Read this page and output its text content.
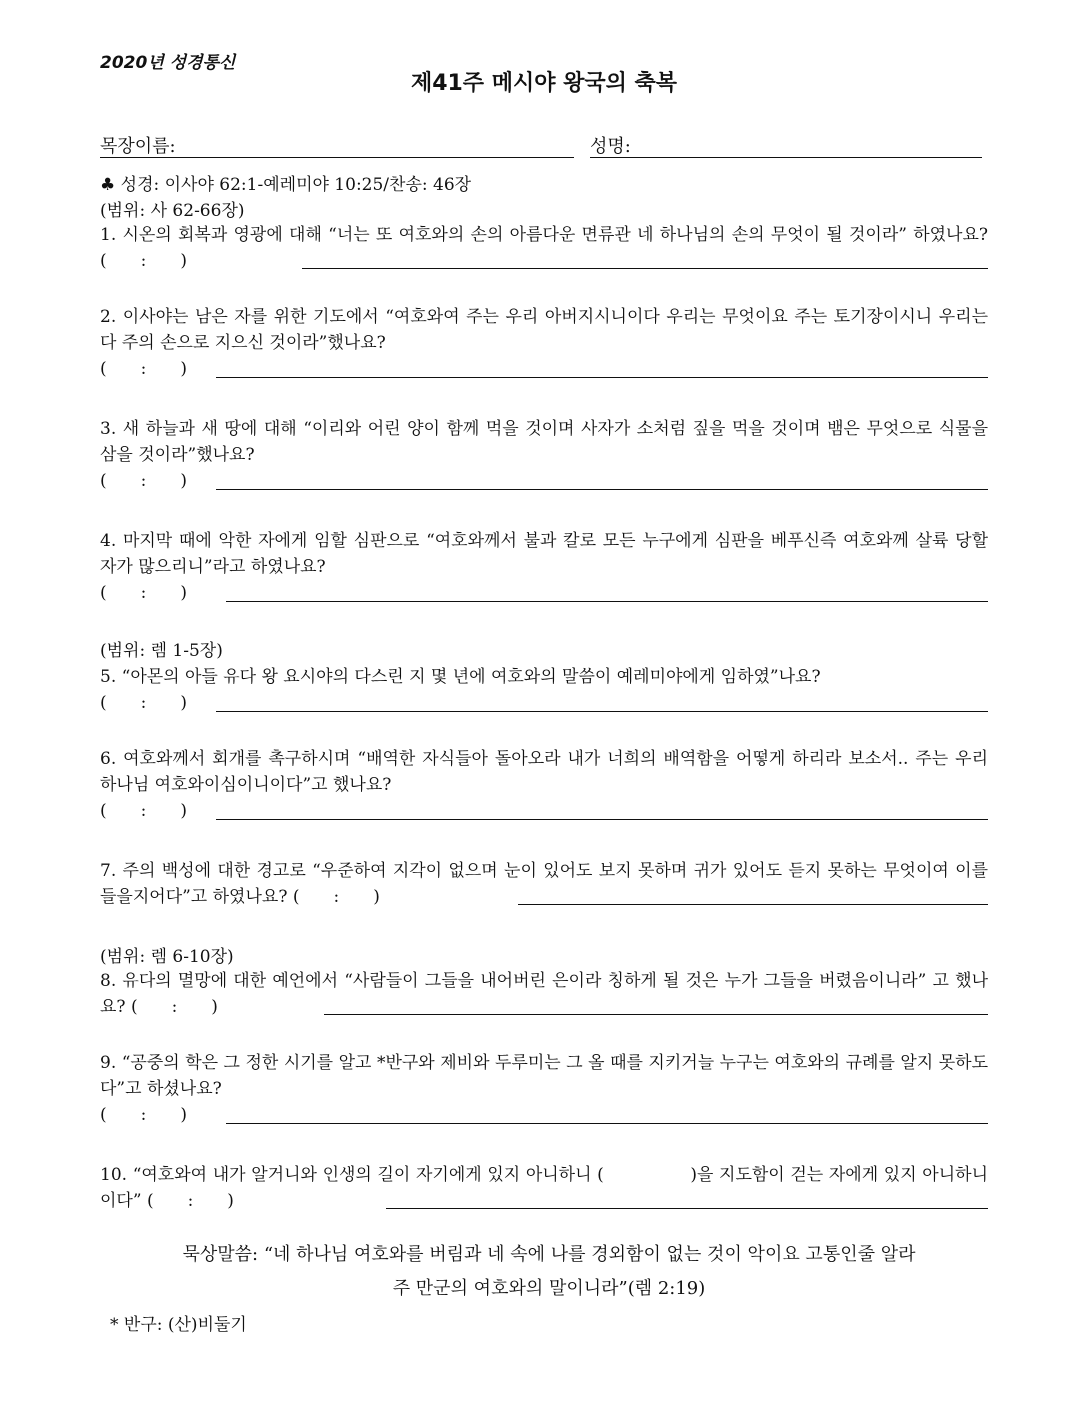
2020년 성경통신
제41주 메시야 왕국의 축복
목장이름:	성명:
♣ 성경: 이사야 62:1-예레미야 10:25/찬송: 46장
(범위: 사 62-66장)
1. 시온의 회복과 영광에 대해 “너는 또 여호와의 손의 아름다운 면류관 네 하나님의 손의 무엇이 될 것이라” 하였나요? (　　:　　)
2. 이사야는 남은 자를 위한 기도에서 “여호와여 주는 우리 아버지시니이다 우리는 무엇이요 주는 토기장이시니 우리는 다 주의 손으로 지으신 것이라”했나요?
(　　:　　)
3. 새 하늘과 새 땅에 대해 “이리와 어린 양이 함께 먹을 것이며 사자가 소처럼 짚을 먹을 것이며 뱀은 무엇으로 식물을 삼을 것이라”했나요?
(　　:　　)
4. 마지막 때에 악한 자에게 임할 심판으로 “여호와께서 불과 칼로 모든 누구에게 심판을 베푸신즉 여호와께 살륙 당할 자가 많으리니”라고 하였나요?
(　　:　　)
(범위: 렘 1-5장)
5. “아몬의 아들 유다 왕 요시야의 다스린 지 몇 년에 여호와의 말씀이 예레미야에게 임하였”나요?
(　　:　　)
6. 여호와께서 회개를 촉구하시며 “배역한 자식들아 돌아오라 내가 너희의 배역함을 어떻게 하리라 보소서.. 주는 우리 하나님 여호와이심이니이다”고 했나요?
(　　:　　)
7. 주의 백성에 대한 경고로 “우준하여 지각이 없으며 눈이 있어도 보지 못하며 귀가 있어도 듣지 못하는 무엇이여 이를 들을지어다”고 하였나요? (　　:　　)
(범위: 렘 6-10장)
8. 유다의 멸망에 대한 예언에서 “사람들이 그들을 내어버린 은이라 칭하게 될 것은 누가 그들을 버렸음이니라” 고 했나요? (　　:　　)
9. “공중의 학은 그 정한 시기를 알고 *반구와 제비와 두루미는 그 올 때를 지키거늘 누구는 여호와의 규례를 알지 못하도다”고 하셨나요?
(　　:　　)
10. “여호와여 내가 알거니와 인생의 길이 자기에게 있지 아니하니 (　　　　　)을 지도함이 걷는 자에게 있지 아니하니이다” (　　:　　)
묵상말씀: “네 하나님 여호와를 버림과 네 속에 나를 경외함이 없는 것이 악이요 고통인줄 알라
주 만군의 여호와의 말이니라”(렘 2:19)
* 반구: (산)비둘기
